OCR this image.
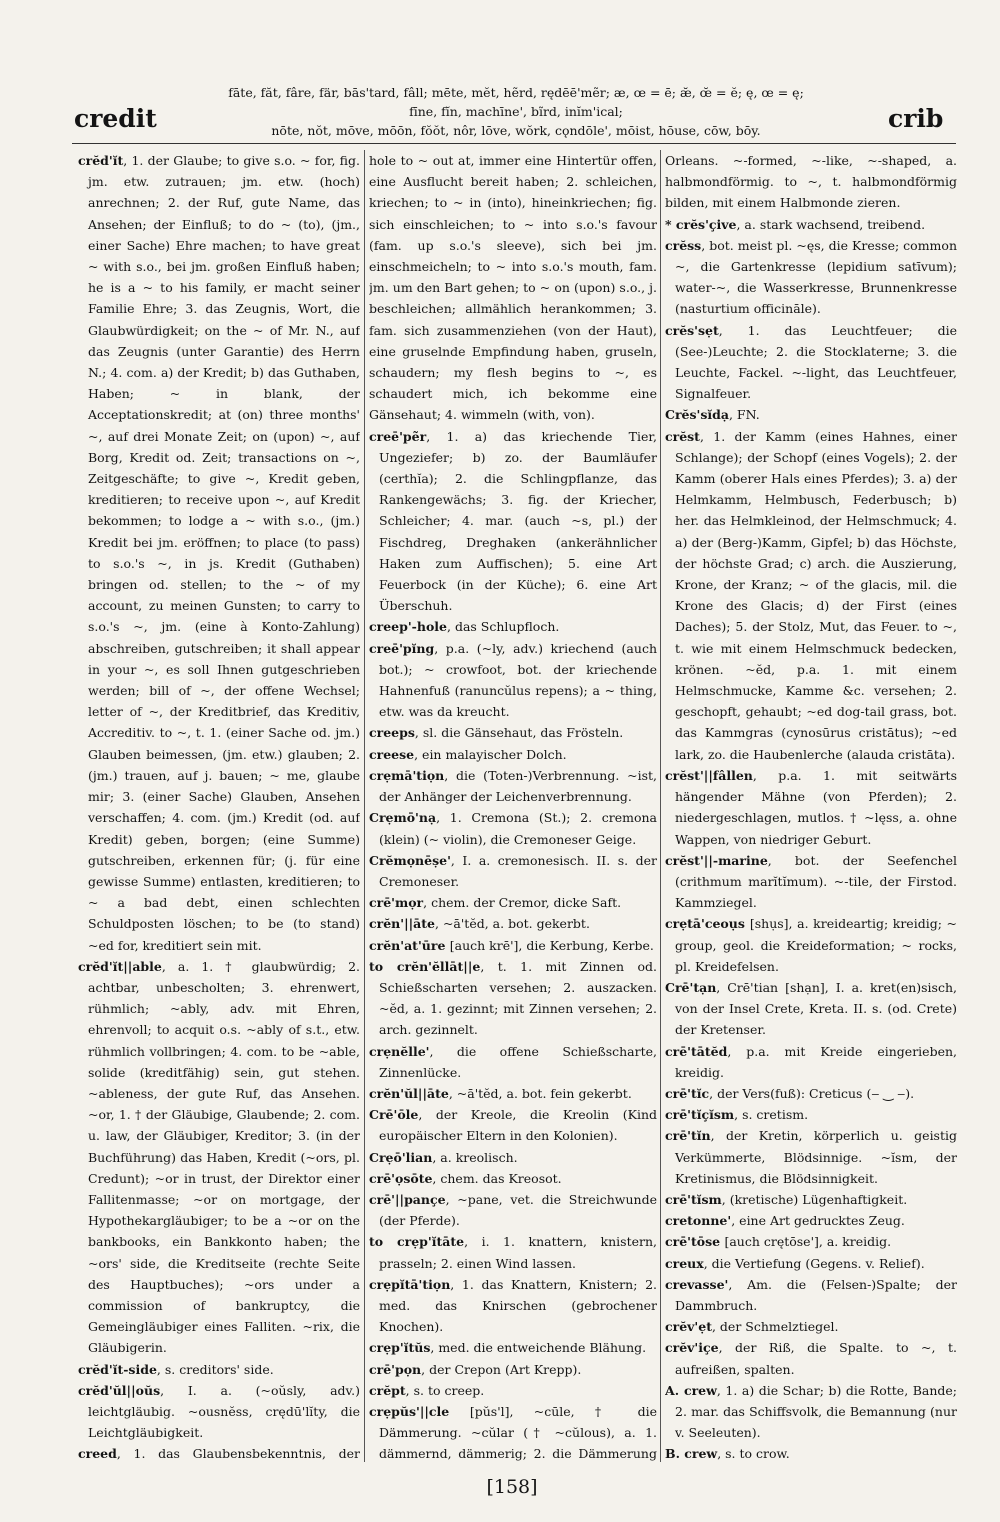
credit
fāte, făt, fâre, fär, bās'tard, fâll; mēte, mĕt, hẽrd, rędēē'mẽr; æ, œ = ē; æ̆, œ̆ = ĕ; ę, œ = ę;
fīne, fĭn, machīne', bĩrd, inĭm'ical;
nōte, nŏt, mōve, mōōn, fŏŏt, nôr, lōve, wŏrk, cǫndōle', mōist, hōuse, cōw, bōy.	crib

crĕd'ĭt, 1. der Glaube; to give s.o. ~ for, fig. jm. etw. zutrauen; jm. etw. (hoch) anrechnen; 2. der Ruf, gute Name, das Ansehen; der Einfluß; to do ~ (to), (jm., einer Sache) Ehre machen; to have great ~ with s.o., bei jm. großen Einfluß haben; he is a ~ to his family, er macht seiner Familie Ehre; 3. das Zeugnis, Wort, die Glaubwürdigkeit; on the ~ of Mr. N., auf das Zeugnis (unter Garantie) des Herrn N.; 4. com. a) der Kredit; b) das Guthaben, Haben; ~ in blank, der Acceptationskredit; at (on) three months' ~, auf drei Monate Zeit; on (upon) ~, auf Borg, Kredit od. Zeit; transactions on ~, Zeitgeschäfte; to give ~, Kredit geben, kreditieren; to receive upon ~, auf Kredit bekommen; to lodge a ~ with s.o., (jm.) Kredit bei jm. eröffnen; to place (to pass) to s.o.'s ~, in js. Kredit (Guthaben) bringen od. stellen; to the ~ of my account, zu meinen Gunsten; to carry to s.o.'s ~, jm. (eine à Konto-Zahlung) abschreiben, gutschreiben; it shall appear in your ~, es soll Ihnen gutgeschrieben werden; bill of ~, der offene Wechsel; letter of ~, der Kreditbrief, das Kreditiv, Accreditiv. to ~, t. 1. (einer Sache od. jm.) Glauben beimessen, (jm. etw.) glauben; 2. (jm.) trauen, auf j. bauen; ~ me, glaube mir; 3. (einer Sache) Glauben, Ansehen verschaffen; 4. com. (jm.) Kredit (od. auf Kredit) geben, borgen; (eine Summe) gutschreiben, erkennen für; (j. für eine gewisse Summe) entlasten, kreditieren; to ~ a bad debt, einen schlechten Schuldposten löschen; to be (to stand) ~ed for, kreditiert sein mit.

crĕd'ĭt||able, a. 1. † glaubwürdig; 2. achtbar, unbescholten; 3. ehrenwert, rühmlich; ~ably, adv. mit Ehren, ehrenvoll; to acquit o.s. ~ably of s.t., etw. rühmlich vollbringen; 4. com. to be ~able, solide (kreditfähig) sein, gut stehen. ~ableness, der gute Ruf, das Ansehen. ~or, 1. † der Gläubige, Glaubende; 2. com. u. law, der Gläubiger, Kreditor; 3. (in der Buchführung) das Haben, Kredit (~ors, pl. Credunt); ~or in trust, der Direktor einer Fallitenmasse; ~or on mortgage, der Hypothekargläubiger; to be a ~or on the bankbooks, ein Bankkonto haben; the ~ors' side, die Kreditseite (rechte Seite des Hauptbuches); ~ors under a commission of bankruptcy, die Gemeingläubiger eines Falliten. ~rix, die Gläubigerin.

crĕd'ĭt-side, s. creditors' side.

crĕd'ŭl||oŭs, I. a. (~oŭsly, adv.) leichtgläubig. ~ousnĕss, crędū'lĭty, die Leichtgläubigkeit.

creed, 1. das Glaubensbekenntnis, der

hole to ~ out at, immer eine Hintertür offen, eine Ausflucht bereit haben; 2. schleichen, kriechen; to ~ in (into), hineinkriechen; fig. sich einschleichen; to ~ into s.o.'s favour (fam. up s.o.'s sleeve), sich bei jm. einschmeicheln; to ~ into s.o.'s mouth, fam. jm. um den Bart gehen; to ~ on (upon) s.o., j. beschleichen; allmählich herankommen; 3. fam. sich zusammenziehen (von der Haut), eine gruselnde Empfindung haben, gruseln, schaudern; my flesh begins to ~, es schaudert mich, ich bekomme eine Gänsehaut; 4. wimmeln (with, von).

creē'pẽr, 1. a) das kriechende Tier, Ungeziefer; b) zo. der Baumläufer (certhĭa); 2. die Schlingpflanze, das Rankengewächs; 3. fig. der Kriecher, Schleicher; 4. mar. (auch ~s, pl.) der Fischdreg, Dreghaken (ankerähnlicher Haken zum Auffischen); 5. eine Art Feuerbock (in der Küche); 6. eine Art Überschuh.

creep'-hole, das Schlupfloch.

creē'pĭng, p.a. (~ly, adv.) kriechend (auch bot.); ~ crowfoot, bot. der kriechende Hahnenfuß (ranuncŭlus repens); a ~ thing, etw. was da kreucht.

creeps, sl. die Gänsehaut, das Frösteln.

creese, ein malayischer Dolch.

crẹmā'tiọn, die (Toten-)Verbrennung. ~ist, der Anhänger der Leichenverbrennung.

Crẹmō'nạ, 1. Cremona (St.); 2. cremona (klein) (~ violin), die Cremoneser Geige.

Crĕmọnēṣe', I. a. cremonesisch. II. s. der Cremoneser.

crē'mọr, chem. der Cremor, dicke Saft.

crĕn'||āte, ~ā'tĕd, a. bot. gekerbt.

crĕn'at'ūre [auch krē'], die Kerbung, Kerbe.

to crĕn'ĕllāt||e, t. 1. mit Zinnen od. Schießscharten versehen; 2. auszacken. ~ĕd, a. 1. gezinnt; mit Zinnen versehen; 2. arch. gezinnelt.

crẹnĕlle', die offene Schießscharte, Zinnenlücke.

crĕn'ŭl||āte, ~ā'tĕd, a. bot. fein gekerbt.

Crē'ōle, der Kreole, die Kreolin (Kind europäischer Eltern in den Kolonien).

Crẹō'lian, a. kreolisch.

crē'ọsōte, chem. das Kreosot.

crē'||pançe, ~pane, vet. die Streichwunde (der Pferde).

to crẹp'ĭtāte, i. 1. knattern, knistern, prasseln; 2. einen Wind lassen.

crẹpĭtā'tiọn, 1. das Knattern, Knistern; 2. med. das Knirschen (gebrochener Knochen).

crẹp'ĭtŭs, med. die entweichende Blähung.

crē'pọn, der Crepon (Art Krepp).

crĕpt, s. to creep.

crẹpŭs'||cle [pŭs'l], ~cūle, † die Dämmerung. ~cŭlar († ~cŭlous), a. 1. dämmernd, dämmerig; 2. die Dämmerung

Orleans. ~-formed, ~-like, ~-shaped, a. halbmondförmig. to ~, t. halbmondförmig bilden, mit einem Halbmonde zieren.

* crĕs'çive, a. stark wachsend, treibend.

crĕss, bot. meist pl. ~ęs, die Kresse; common ~, die Gartenkresse (lepidium satīvum); water-~, die Wasserkresse, Brunnenkresse (nasturtium officināle).

crĕs'sẹt, 1. das Leuchtfeuer; die (See-)Leuchte; 2. die Stocklaterne; 3. die Leuchte, Fackel. ~-light, das Leuchtfeuer, Signalfeuer.

Crĕs'sĭdạ, FN.

crĕst, 1. der Kamm (eines Hahnes, einer Schlange); der Schopf (eines Vogels); 2. der Kamm (oberer Hals eines Pferdes); 3. a) der Helmkamm, Helmbusch, Federbusch; b) her. das Helmkleinod, der Helmschmuck; 4. a) der (Berg-)Kamm, Gipfel; b) das Höchste, der höchste Grad; c) arch. die Auszierung, Krone, der Kranz; ~ of the glacis, mil. die Krone des Glacis; d) der First (eines Daches); 5. der Stolz, Mut, das Feuer. to ~, t. wie mit einem Helmschmuck bedecken, krönen. ~ĕd, p.a. 1. mit einem Helmschmucke, Kamme &c. versehen; 2. geschopft, gehaubt; ~ed dog-tail grass, bot. das Kammgras (cynosūrus cristātus); ~ed lark, zo. die Haubenlerche (alauda cristāta).

crĕst'||fâllen, p.a. 1. mit seitwärts hängender Mähne (von Pferden); 2. niedergeschlagen, mutlos. † ~lęss, a. ohne Wappen, von niedriger Geburt.

crĕst'||-marine, bot. der Seefenchel (crithmum marĭtĭmum). ~-tile, der Firstod. Kammziegel.

crẹtā'ceoụs [shụs], a. kreideartig; kreidig; ~ group, geol. die Kreideformation; ~ rocks, pl. Kreidefelsen.

Crē'tạn, Crē'tian [shạn], I. a. kret(en)sisch, von der Insel Crete, Kreta. II. s. (od. Crete) der Kretenser.

crē'tātĕd, p.a. mit Kreide eingerieben, kreidig.

crē'tĭc, der Vers(fuß): Creticus (‒ ‿ ‒).

crē'tĭçĭsm, s. cretism.

crē'tĭn, der Kretin, körperlich u. geistig Verkümmerte, Blödsinnige. ~ĭsm, der Kretinismus, die Blödsinnigkeit.

crē'tĭsm, (kretische) Lügenhaftigkeit.

cretonne', eine Art gedrucktes Zeug.

crē'tōse [auch crętōse'], a. kreidig.

creux, die Vertiefung (Gegens. v. Relief).

crevasse', Am. die (Felsen-)Spalte; der Dammbruch.

crĕv'ẹt, der Schmelztiegel.

crĕv'içe, der Riß, die Spalte. to ~, t. aufreißen, spalten.

A. crew, 1. a) die Schar; b) die Rotte, Bande; 2. mar. das Schiffsvolk, die Bemannung (nur v. Seeleuten).

B. crew, s. to crow.

[158]
